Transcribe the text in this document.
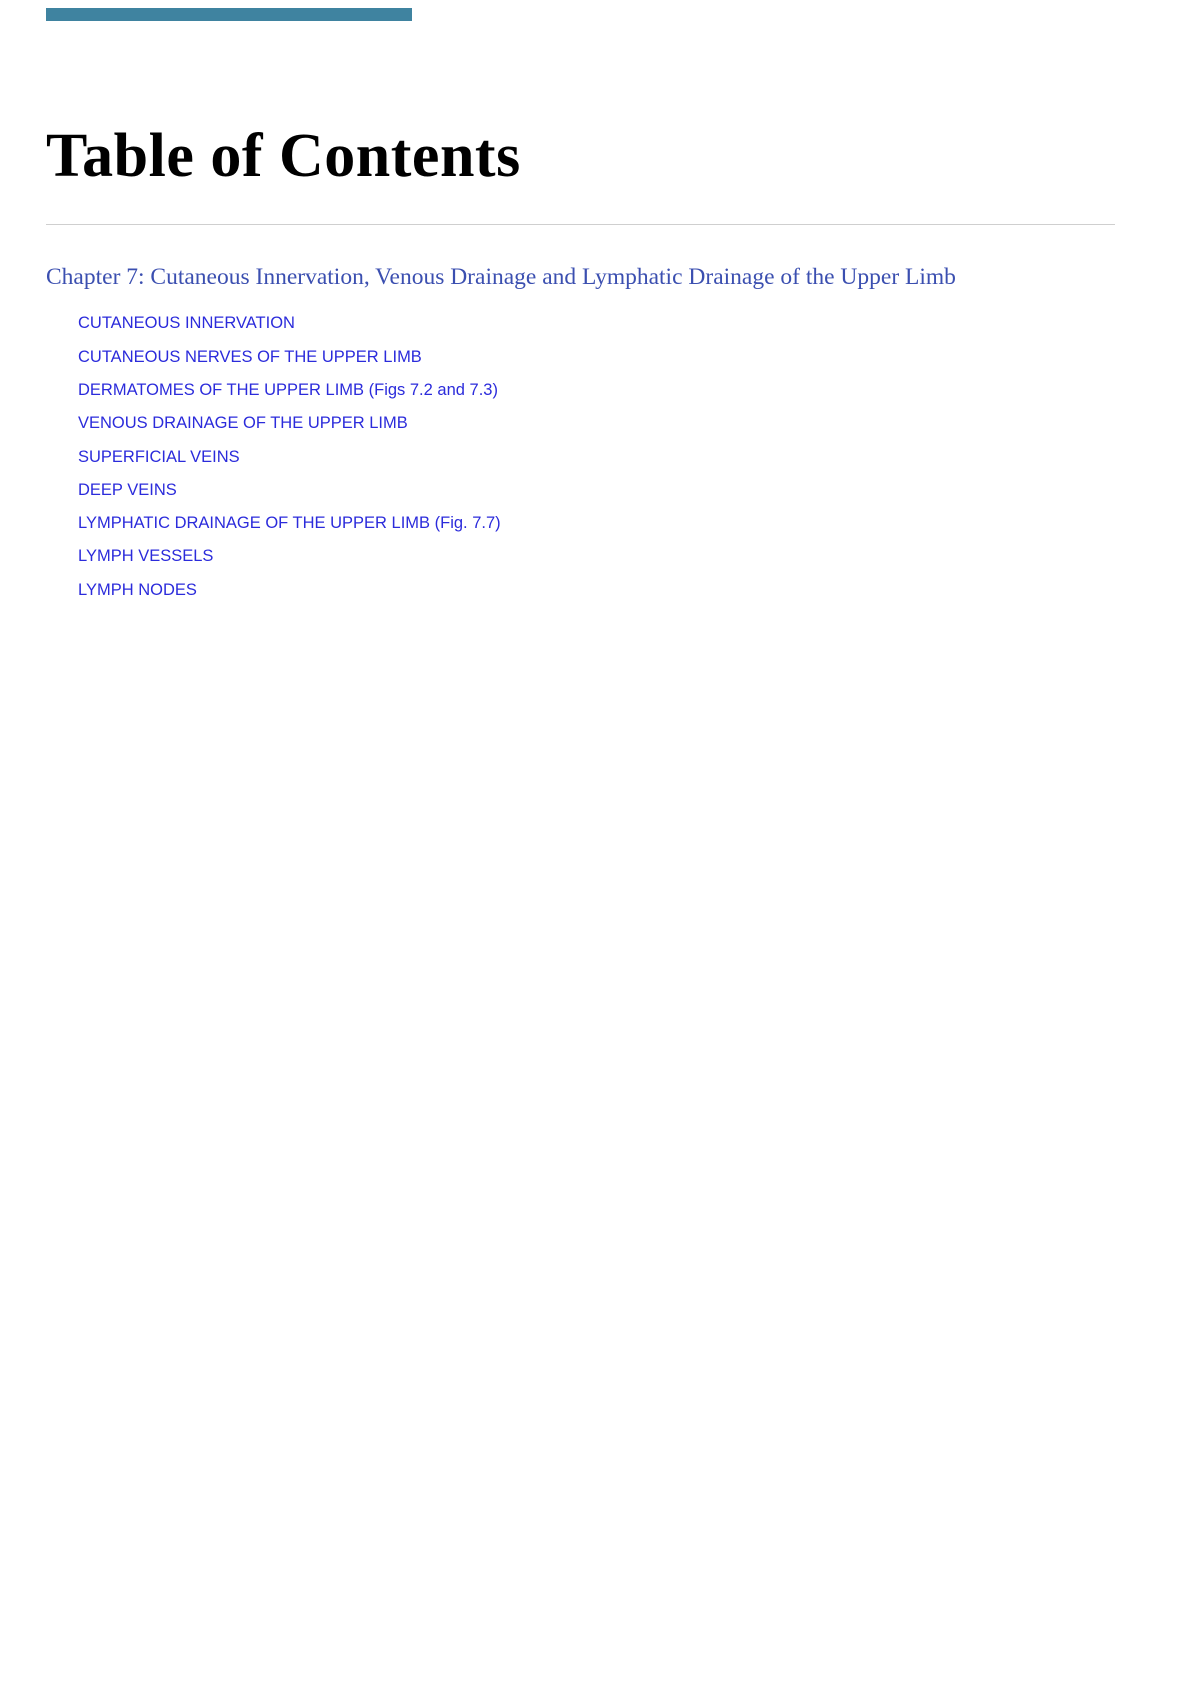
Table of Contents
Chapter 7: Cutaneous Innervation, Venous Drainage and Lymphatic Drainage of the Upper Limb
CUTANEOUS INNERVATION
CUTANEOUS NERVES OF THE UPPER LIMB
DERMATOMES OF THE UPPER LIMB (Figs 7.2 and 7.3)
VENOUS DRAINAGE OF THE UPPER LIMB
SUPERFICIAL VEINS
DEEP VEINS
LYMPHATIC DRAINAGE OF THE UPPER LIMB (Fig. 7.7)
LYMPH VESSELS
LYMPH NODES
